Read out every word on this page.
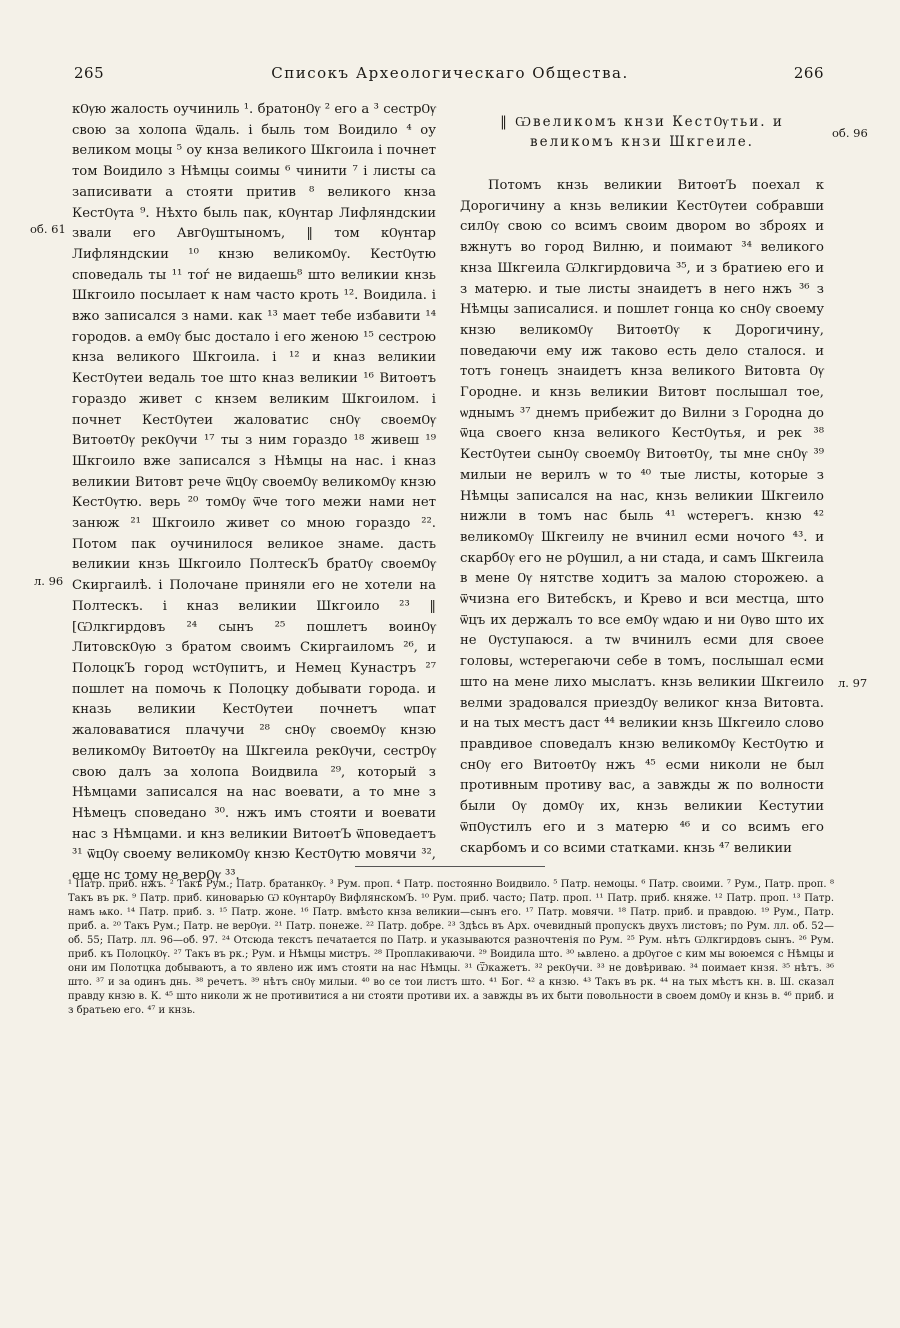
265	Списокъ Археологическаго Общества.	266
об. 61
л. 96
об. 96
л. 97

кѸю жалость оучиниль ¹. братонѸ ² его а ³ сестрѸ свою за холопа ѿдаль. і быль том Воидило ⁴ оу великом моцы ⁵ оу кнза великого Шкгоила і почнет том Воидило з Нѣмцы соимы ⁶ чинити ⁷ і листы са записивати а стояти притив ⁸ великого кнза КестѸта ⁹. Нѣхто быль пак, кѸнтар Лифляндскии звали его АвгѸштыномъ, ‖ том кѸнтар Лифляндскии ¹⁰ кнзю великомѸ. КестѸтю споведаль ты ¹¹ тоѓ не видаешь⁸ што великии кнзь Шкгоило посылает к нам часто кроть ¹². Воидила. і вжо записался з нами. как ¹³ мает тебе избавити ¹⁴ городов. а емѸ быс достало і его женою ¹⁵ сестрою кнза великого Шкгоила. і ¹² и кназ великии КестѸтеи ведаль тое што кназ великии ¹⁶ Витоѳтъ гораздо живет с кнзем великим Шкгоилом. і почнет КестѸтеи жаловатис снѸ своемѸ ВитоѳтѸ рекѸчи ¹⁷ ты з ним гораздо ¹⁸ живеш ¹⁹ Шкгоило вже записался з Нѣмцы на нас. і кназ великии Витовт рече ѿцѸ своемѸ великомѸ кнзю КестѸтю. верь ²⁰ томѸ ѿче того межи нами нет занюж ²¹ Шкгоило живет со мною гораздо ²². Потом пак оучинилося великое знаме. дасть великии кнзь Шкгоило ПолтескЪ братѸ своемѸ Скиргаилѣ. і Полочане приняли его не хотели на Полтескъ. і кназ великии Шкгоило ²³ ‖ [Ѡлкгирдовъ ²⁴ сынъ ²⁵ пошлетъ воинѸ ЛитовскѸю з братом своимъ Скиргаиломъ ²⁶, и ПолоцкЪ город ѡстѸпитъ, и Немец Кунастръ ²⁷ пошлет на помочь к Полоцку добывати города. и кназь великии КестѸтеи почнетъ ѡпат жаловаватися плачучи ²⁸ снѸ своемѸ кнзю великомѸ ВитоѳтѸ на Шкгеила рекѸчи, сестрѸ свою далъ за холопа Воидвила ²⁹, который з Нѣмцами записался на нас воевати, а то мне з Нѣмецъ споведано ³⁰. нжъ имъ стояти и воевати нас з Нѣмцами. и кнз великии ВитоѳтЪ ѿповедаетъ ³¹ ѿцѸ своему великомѸ кнзю КестѸтю мовячи ³², еще нс тому не верѸ ³³.

‖ Ѡвеликомъ кнзи КестѸтьи. и великомъ кнзи Шкгеиле.

Потомъ кнзь великии ВитоѳтЪ поехал к Дорогичину а кнзь великии КестѸтеи собравши силѸ свою со всимъ своим двором во зброях и вжнутъ во город Вилню, и поимают ³⁴ великого кнза Шкгеила Ѡлкгирдовича ³⁵, и з братиею его и з матерю. и тые листы знаидетъ в него нжъ ³⁶ з Нѣмцы записалися. и пошлет гонца ко снѸ своему кнзю великомѸ ВитоѳтѸ к Дорогичину, поведаючи ему иж таково есть дело сталося. и тотъ гонецъ знаидетъ кнза великого Витовта Ѹ Городне. и кнзь великии Витовт послышал тое, ѡднымъ ³⁷ днемъ прибежит до Вилни з Городна до ѿца своего кнза великого КестѸтья, и рек ³⁸ КестѸтеи сынѸ своемѸ ВитоѳтѸ, ты мне снѸ ³⁹ милыи не верилъ ѡ то ⁴⁰ тые листы, которые з Нѣмцы записался на нас, кнзь великии Шкгеило нижли в томъ нас быль ⁴¹ ѡстерегъ. кнзю ⁴² великомѸ Шкгеилу не вчинил есми ночого ⁴³. и скарбѸ его не рѸшил, а ни стада, и самъ Шкгеила в мене Ѹ нятстве ходитъ за малою сторожею. а ѿчизна его Витебскъ, и Крево и вси местца, што ѿцъ их держалъ то все емѸ ѡдаю и ни Ѹво што их не Ѹступаюся. а тѡ вчинилъ есми для своее головы, ѡстерегаючи себе в томъ, послышал есми што на мене лихо мыслатъ. кнзь великии Шкгеило велми зрадовался приездѸ великог кнза Витовта. и на тых местъ даст ⁴⁴ великии кнзь Шкгеило слово правдивое споведалъ кнзю великомѸ КестѸтю и снѸ его ВитоѳтѸ нжъ ⁴⁵ есми николи не был противным противу вас, а завжды ж по волности были Ѹ домѸ их, кнзь великии Кестутии ѿпѸстилъ его и з матерю ⁴⁶ и со всимъ его скарбомъ и со всими статками. кнзь ⁴⁷ великии

¹ Патр. приб. нжъ. ² Такъ Рум.; Патр. братанкѸ. ³ Рум. проп. ⁴ Патр. постоянно Воидвило. ⁵ Патр. немоцы. ⁶ Патр. своими. ⁷ Рум., Патр. проп. ⁸ Такъ въ рк. ⁹ Патр. приб. киноварью Ѡ кѸнтарѸ ВифлянскомЪ. ¹⁰ Рум. приб. часто; Патр. проп. ¹¹ Патр. приб. княже. ¹² Патр. проп. ¹³ Патр. намъ ѩко. ¹⁴ Патр. приб. з. ¹⁵ Патр. жоне. ¹⁶ Патр. вмѣсто кнза великии—сынъ его. ¹⁷ Патр. мовячи. ¹⁸ Патр. приб. и правдою. ¹⁹ Рум., Патр. приб. а. ²⁰ Такъ Рум.; Патр. не верѸи. ²¹ Патр. понеже. ²² Патр. добре. ²³ Здѣсь въ Арх. очевидный пропускъ двухъ листовъ; по Рум. лл. об. 52—об. 55; Патр. лл. 96—об. 97. ²⁴ Отсюда текстъ печатается по Патр. и указываются разночтенія по Рум. ²⁵ Рум. нѣтъ Ѡлкгирдовъ сынъ. ²⁶ Рум. приб. къ ПолоцкѸ. ²⁷ Такъ въ рк.; Рум. и Нѣмцы мистръ. ²⁸ Проплакиваючи. ²⁹ Воидила што. ³⁰ ѩвлено. а дрѸгое с ким мы воюемся с Нѣмцы и они им Полотцка добываютъ, а то явлено иж имъ стояти на нас Нѣмцы. ³¹ Ѿкажетъ. ³² рекѸчи. ³³ не довѣриваю. ³⁴ поимает кнзя. ³⁵ нѣтъ. ³⁶ што. ³⁷ и за одинъ днь. ³⁸ речетъ. ³⁹ нѣтъ снѸ милыи. ⁴⁰ во се тои листъ што. ⁴¹ Бог. ⁴² а кнзю. ⁴³ Такъ въ рк. ⁴⁴ на тых мѣстъ кн. в. Ш. сказал правду кнзю в. К. ⁴⁵ што николи ж не противитися а ни стояти противи их. а завжды въ их быти повольности в своем домѸ и кнзь в. ⁴⁶ приб. и з братьею его. ⁴⁷ и кнзь.
